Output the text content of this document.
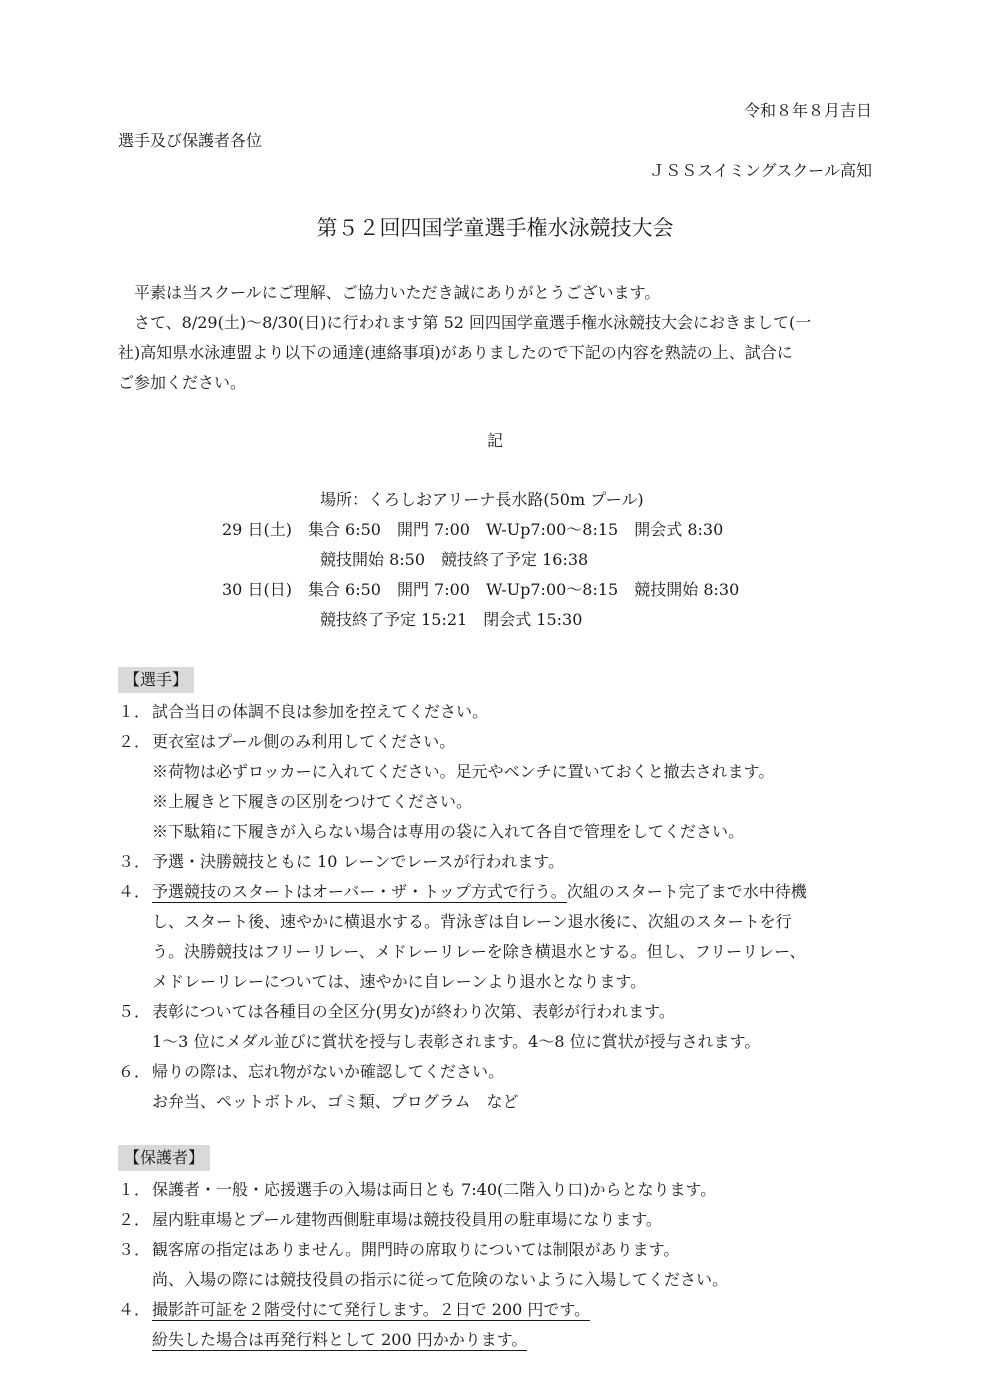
令和８年８月吉日
選手及び保護者各位
ＪＳＳスイミングスクール高知
第５２回四国学童選手権水泳競技大会
平素は当スクールにご理解、ご協力いただき誠にありがとうございます。
さて、8/29(土)〜8/30(日)に行われます第 52 回四国学童選手権水泳競技大会におきまして(一
社)高知県水泳連盟より以下の通達(連絡事項)がありましたので下記の内容を熟読の上、試合に
ご参加ください。
記
場所：くろしおアリーナ長水路(50m プール)
29 日(土)　集合 6:50　開門 7:00　W-Up7:00〜8:15　開会式 8:30
競技開始 8:50　競技終了予定 16:38
30 日(日)　集合 6:50　開門 7:00　W-Up7:00〜8:15　競技開始 8:30
競技終了予定 15:21　閉会式 15:30
【選手】
１． 試合当日の体調不良は参加を控えてください。
２． 更衣室はプール側のみ利用してください。
※荷物は必ずロッカーに入れてください。足元やベンチに置いておくと撤去されます。
※上履きと下履きの区別をつけてください。
※下駄箱に下履きが入らない場合は専用の袋に入れて各自で管理をしてください。
３． 予選・決勝競技ともに 10 レーンでレースが行われます。
４． 予選競技のスタートはオーバー・ザ・トップ方式で行う。次組のスタート完了まで水中待機
し、スタート後、速やかに横退水する。背泳ぎは自レーン退水後に、次組のスタートを行
う。決勝競技はフリーリレー、メドレーリレーを除き横退水とする。但し、フリーリレー、
メドレーリレーについては、速やかに自レーンより退水となります。
５． 表彰については各種目の全区分(男女)が終わり次第、表彰が行われます。
1〜3 位にメダル並びに賞状を授与し表彰されます。4〜8 位に賞状が授与されます。
６． 帰りの際は、忘れ物がないか確認してください。
お弁当、ペットボトル、ゴミ類、プログラム　など
【保護者】
１． 保護者・一般・応援選手の入場は両日とも 7:40(二階入り口)からとなります。
２． 屋内駐車場とプール建物西側駐車場は競技役員用の駐車場になります。
３． 観客席の指定はありません。開門時の席取りについては制限があります。
尚、入場の際には競技役員の指示に従って危険のないように入場してください。
４． 撮影許可証を２階受付にて発行します。２日で 200 円です。
紛失した場合は再発行料として 200 円かかります。
